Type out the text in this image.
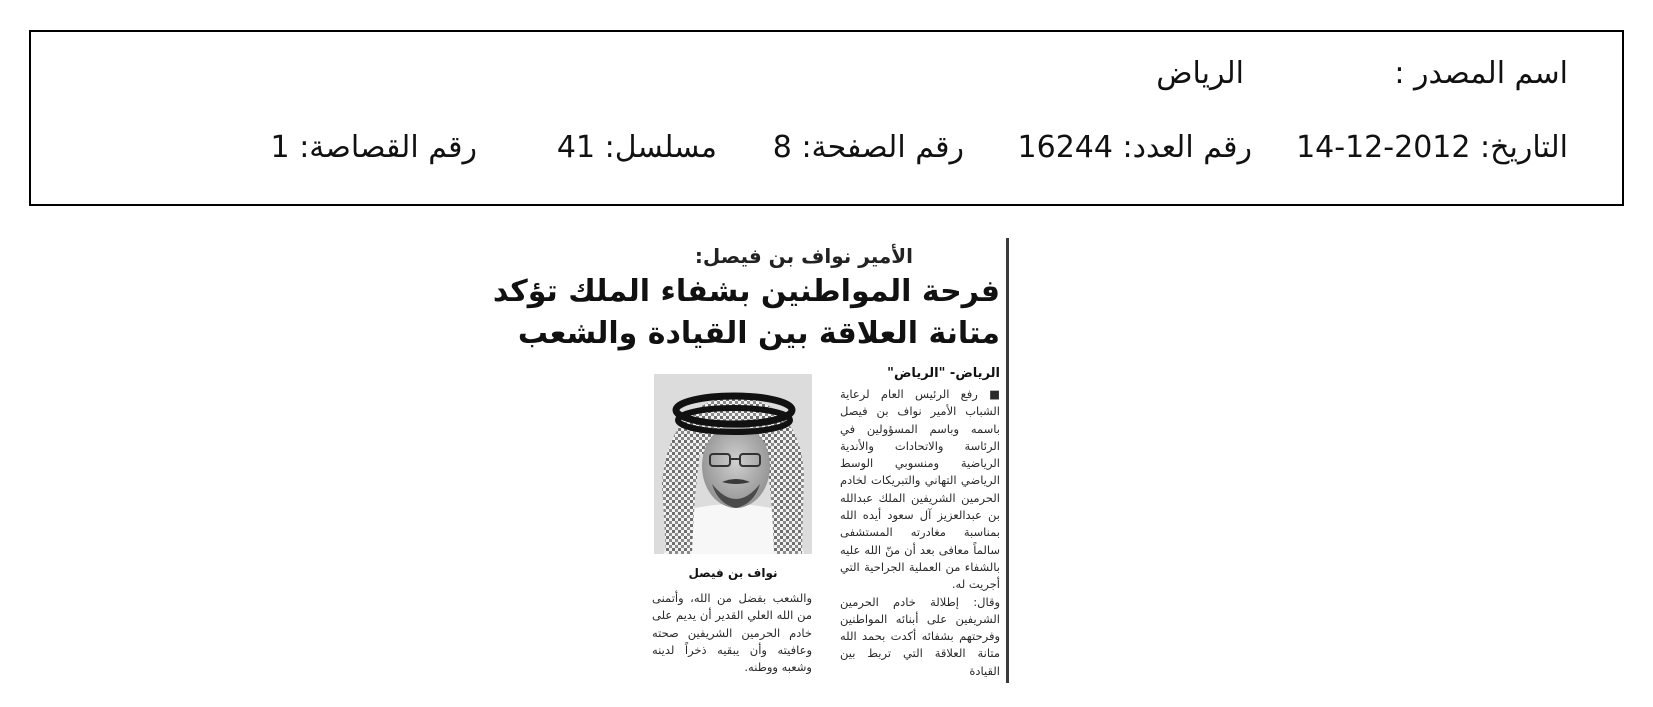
اسم المصدر :
الرياض
التاريخ: 2012-12-14
رقم العدد: 16244
رقم الصفحة: 8
مسلسل: 41
رقم القصاصة: 1
الأمير نواف بن فيصل:
فرحة المواطنين بشفاء الملك تؤكد
متانة العلاقة بين القيادة والشعب
الرياض- "الرياض"

■ رفع الرئيس العام لرعاية الشباب الأمير نواف بن فيصل باسمه وباسم المسؤولين في الرئاسة والاتحادات والأندية الرياضية ومنسوبي الوسط الرياضي التهاني والتبريكات لخادم الحرمين الشريفين الملك عبدالله بن عبدالعزيز آل سعود أيده الله بمناسبة مغادرته المستشفى سالماً معافى بعد أن منّ الله عليه بالشفاء من العملية الجراحية التي أجريت له.

وقال: إطلالة خادم الحرمين الشريفين على أبنائه المواطنين وفرحتهم بشفائه أكدت بحمد الله متانة العلاقة التي تربط بين القيادة

نواف بن فيصل

والشعب بفضل من الله، وأتمنى من الله العلي القدير أن يديم على خادم الحرمين الشريفين صحته وعافيته وأن يبقيه ذخراً لدينه وشعبه ووطنه.
